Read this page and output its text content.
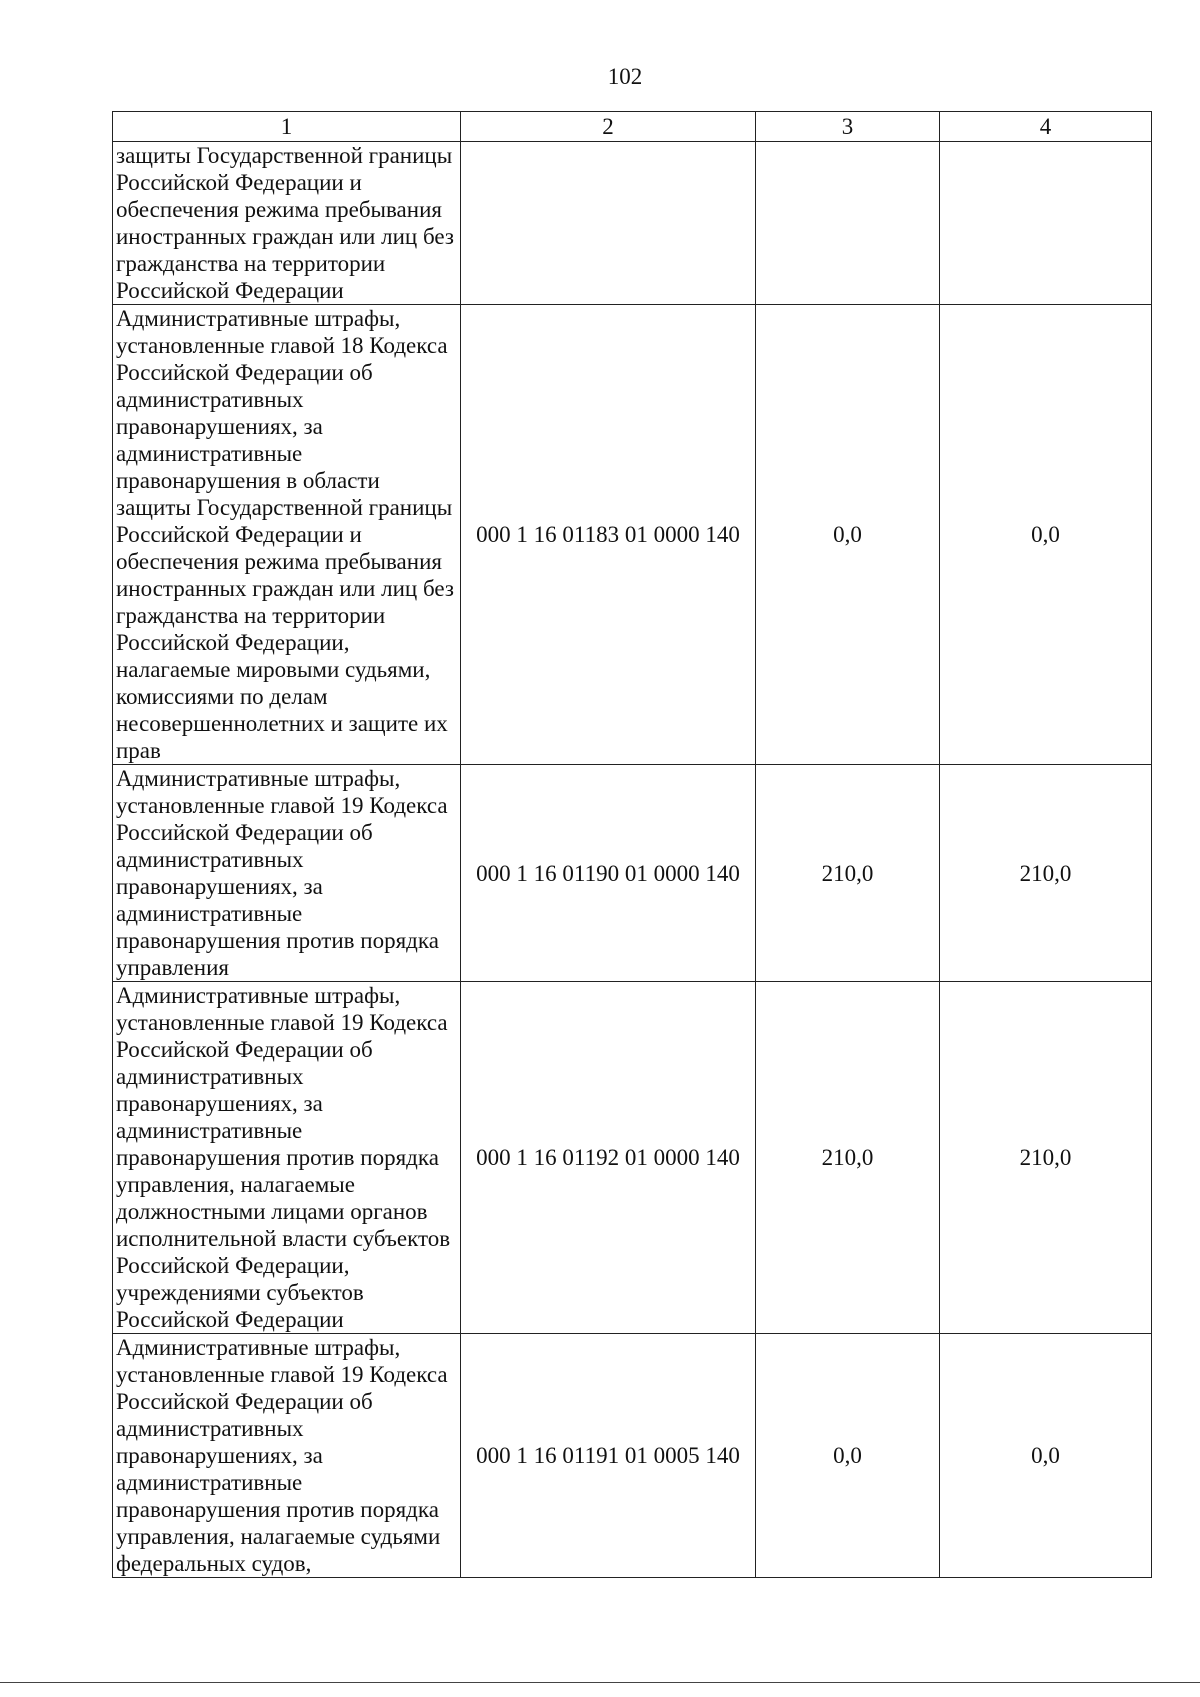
102
1	2	3	4
защиты Государственной границы Российской Федерации и обеспечения режима пребывания иностранных граждан или лиц без гражданства на территории Российской Федерации			
Административные штрафы, установленные главой 18 Кодекса Российской Федерации об административных правонарушениях, за административные правонарушения в области защиты Государственной границы Российской Федерации и обеспечения режима пребывания иностранных граждан или лиц без гражданства на территории Российской Федерации, налагаемые мировыми судьями, комиссиями по делам несовершеннолетних и защите их прав	000 1 16 01183 01 0000 140	0,0	0,0
Административные штрафы, установленные главой 19 Кодекса Российской Федерации об административных правонарушениях, за административные правонарушения против порядка управления	000 1 16 01190 01 0000 140	210,0	210,0
Административные штрафы, установленные главой 19 Кодекса Российской Федерации об административных правонарушениях, за административные правонарушения против порядка управления, налагаемые должностными лицами органов исполнительной власти субъектов Российской Федерации, учреждениями субъектов Российской Федерации	000 1 16 01192 01 0000 140	210,0	210,0
Административные штрафы, установленные главой 19 Кодекса Российской Федерации об административных правонарушениях, за административные правонарушения против порядка управления, налагаемые судьями федеральных судов,	000 1 16 01191 01 0005 140	0,0	0,0
